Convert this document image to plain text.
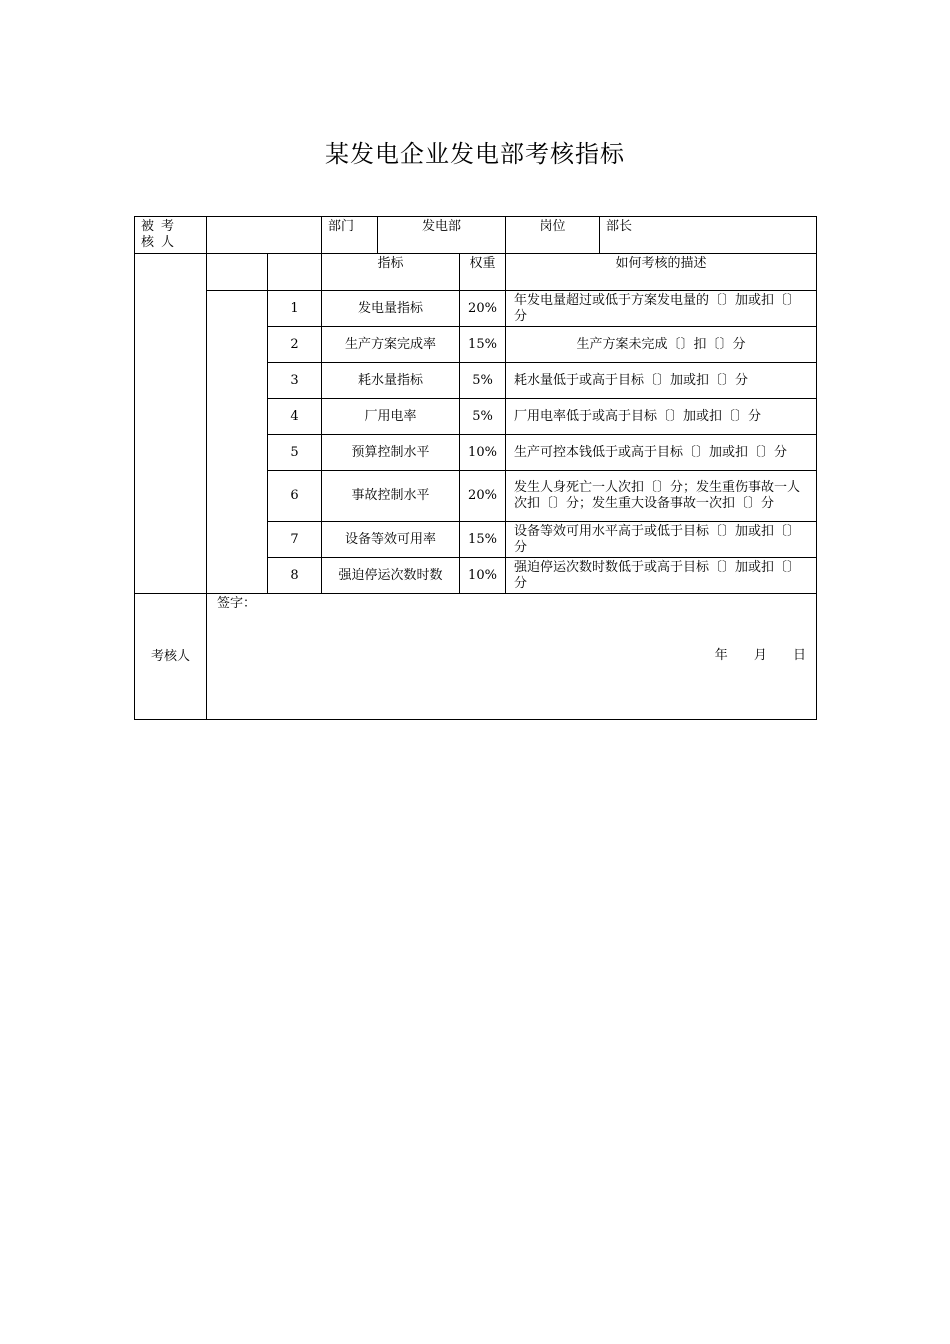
某发电企业发电部考核指标
被考核人			部门	发电部		岗位	部长
			指标		权重	如何考核的描述	
		1	发电量指标		20%	年发电量超过或低于方案发电量的〔〕加或扣〔〕分	
		2	生产方案完成率		15%	生产方案未完成〔〕扣〔〕分	
		3	耗水量指标		5%	耗水量低于或高于目标〔〕加或扣〔〕分	
		4	厂用电率		5%	厂用电率低于或高于目标〔〕加或扣〔〕分	
		5	预算控制水平		10%	生产可控本钱低于或高于目标〔〕加或扣〔〕分	
		6	事故控制水平		20%	发生人身死亡一人次扣〔〕分；发生重伤事故一人次扣〔〕分；发生重大设备事故一次扣〔〕分	
		7	设备等效可用率		15%	设备等效可用水平高于或低于目标〔〕加或扣〔〕分	
		8	强迫停运次数时数		10%	强迫停运次数时数低于或高于目标〔〕加或扣〔〕分	
考核人	签字：
年 月 日						
